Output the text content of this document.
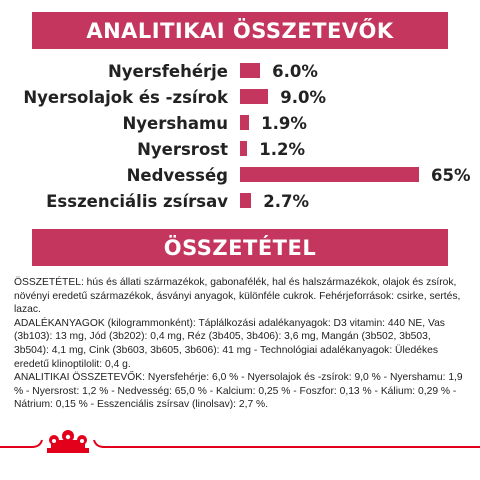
ANALITIKAI ÖSSZETEVŐK
Nyersfehérje	6.0%
Nyersolajok és -zsírok	9.0%
Nyershamu 1.9%
Nyersrost 1.2%
Nedvesség	65%
Esszenciális zsírsav 2.7%
ÖSSZETÉTEL

ÖSSZETÉTEL: hús és állati származékok, gabonafélék, hal és halszármazékok, olajok és zsírok, növényi eredetű származékok, ásványi anyagok, különféle cukrok. Fehérjeforrások: csirke, sertés, lazac.

ADALÉKANYAGOK (kilogrammonként): Táplálkozási adalékanyagok: D3 vitamin: 440 NE, Vas (3b103): 13 mg, Jód (3b202): 0,4 mg, Réz (3b405, 3b406): 3,6 mg, Mangán (3b502, 3b503, 3b504): 4,1 mg, Cink (3b603, 3b605, 3b606): 41 mg - Technológiai adalékanyagok: Üledékes eredetű klinoptilolit: 0,4 g.

ANALITIKAI ÖSSZETEVŐK: Nyersfehérje: 6,0 % - Nyersolajok és -zsírok: 9,0 % - Nyershamu: 1,9 % - Nyersrost: 1,2 % - Nedvesség: 65,0 % - Kalcium: 0,25 % - Foszfor: 0,13 % - Kálium: 0,29 % - Nátrium: 0,15 % - Esszenciális zsírsav (linolsav): 2,7 %.
